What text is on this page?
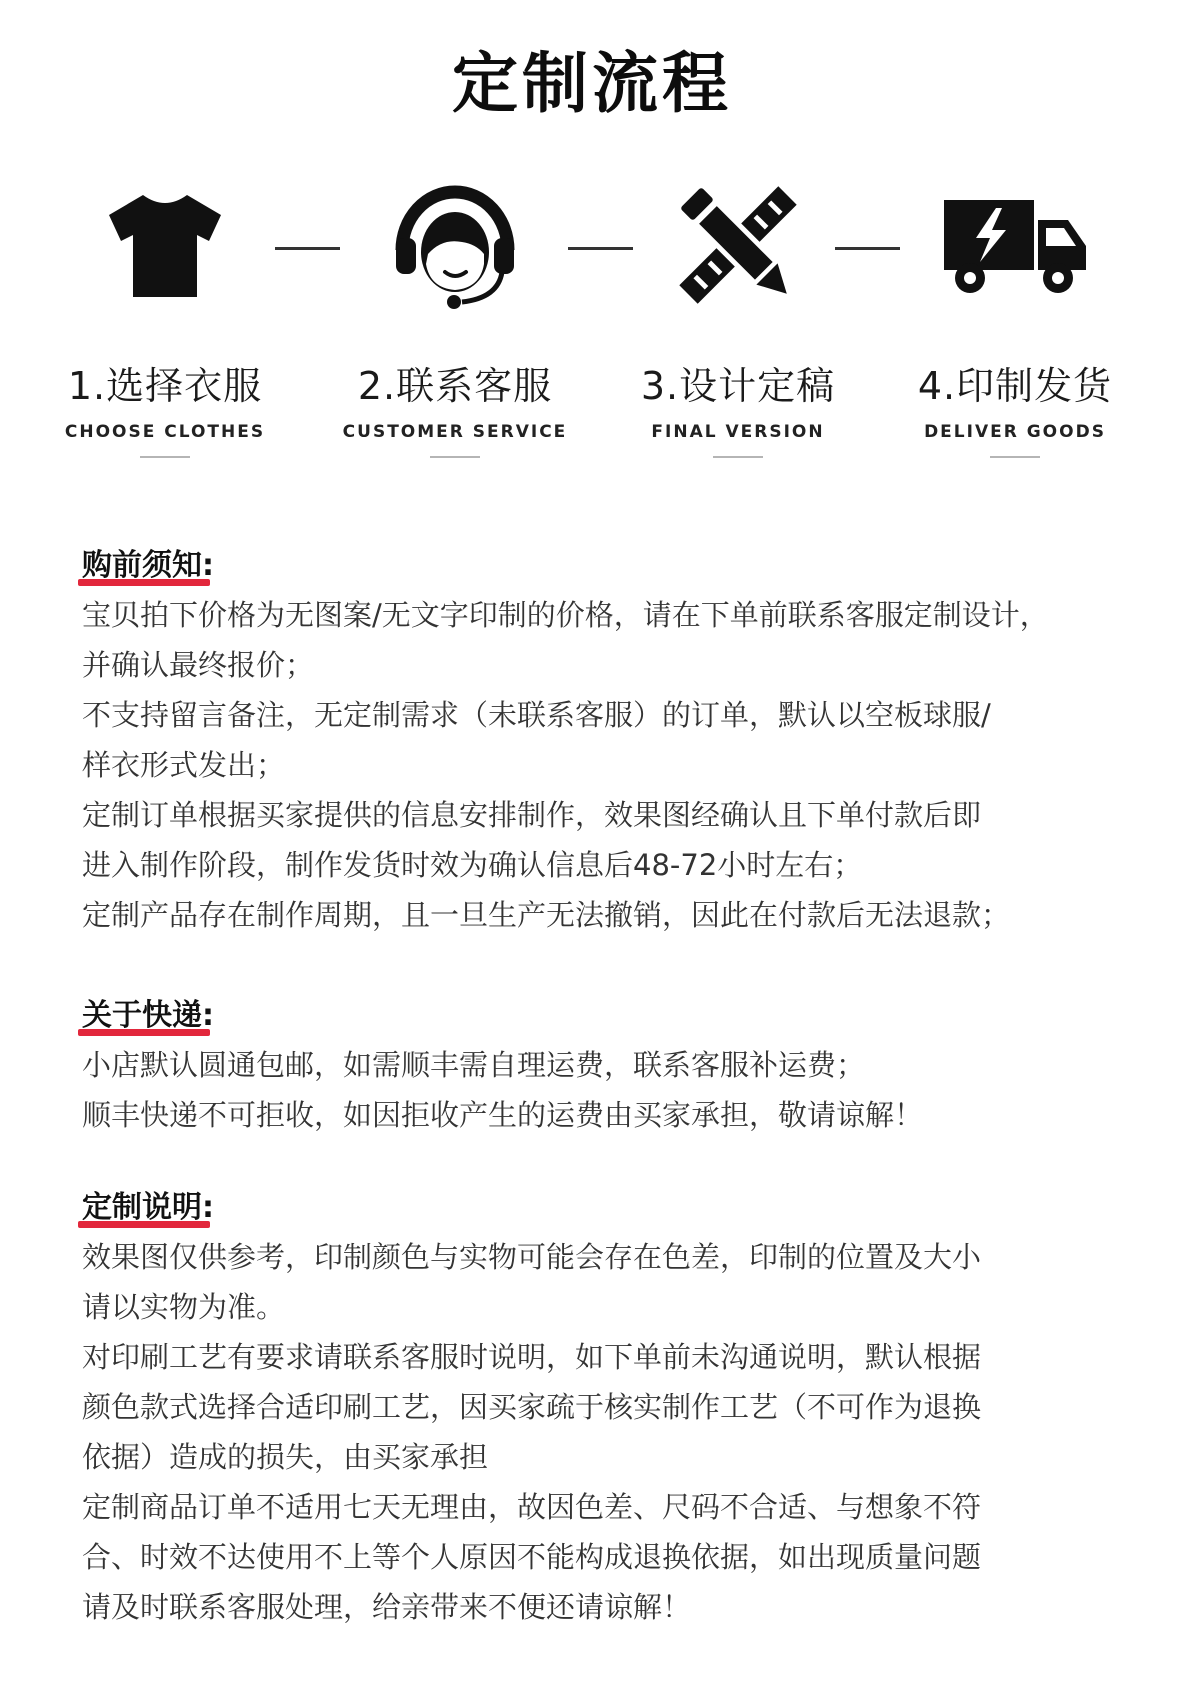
定制流程
1.选择衣服
CHOOSE CLOTHES
2.联系客服
CUSTOMER SERVICE
3.设计定稿
FINAL VERSION
4.印制发货
DELIVER GOODS
购前须知:
宝贝拍下价格为无图案/无文字印制的价格，请在下单前联系客服定制设计，
并确认最终报价；
不支持留言备注，无定制需求（未联系客服）的订单，默认以空板球服/
样衣形式发出；
定制订单根据买家提供的信息安排制作，效果图经确认且下单付款后即
进入制作阶段，制作发货时效为确认信息后48-72小时左右；
定制产品存在制作周期，且一旦生产无法撤销，因此在付款后无法退款；
关于快递:
小店默认圆通包邮，如需顺丰需自理运费，联系客服补运费；
顺丰快递不可拒收，如因拒收产生的运费由买家承担，敬请谅解！
定制说明:
效果图仅供参考，印制颜色与实物可能会存在色差，印制的位置及大小
请以实物为准。
对印刷工艺有要求请联系客服时说明，如下单前未沟通说明，默认根据
颜色款式选择合适印刷工艺，因买家疏于核实制作工艺（不可作为退换
依据）造成的损失，由买家承担
定制商品订单不适用七天无理由，故因色差、尺码不合适、与想象不符
合、时效不达使用不上等个人原因不能构成退换依据，如出现质量问题
请及时联系客服处理，给亲带来不便还请谅解！
